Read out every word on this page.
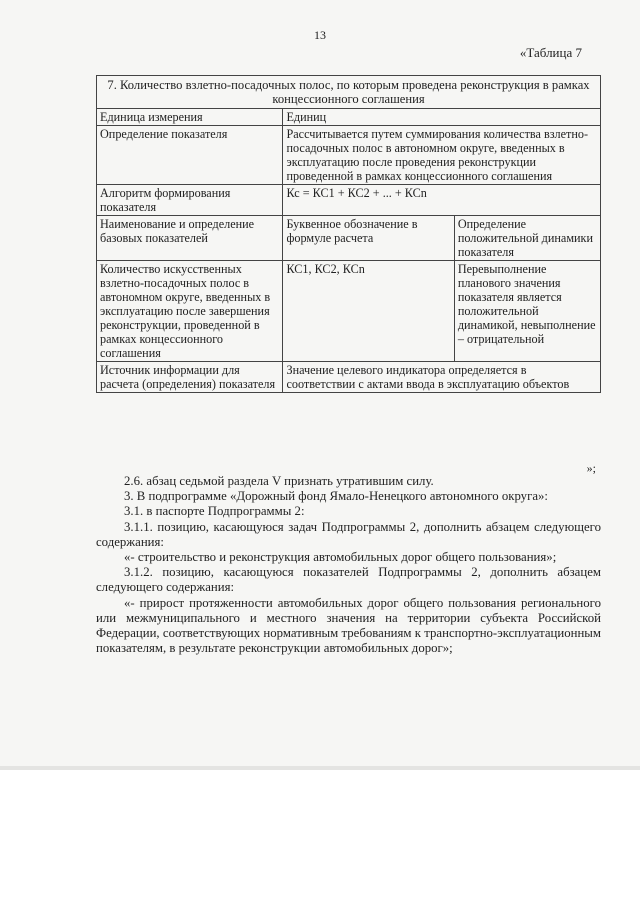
13
«Таблица 7
7. Количество взлетно-посадочных полос, по которым проведена реконструкция в рамках концессионного соглашения		
Единица измерения	Единиц	
Определение показателя	Рассчитывается путем суммирования количества взлетно-посадочных полос в автономном округе, введенных в эксплуатацию после проведения реконструкции проведенной в рамках концессионного соглашения	
Алгоритм формирования показателя	Кс = КС1 + КС2 + ... + КСn	
Наименование и определение базовых показателей	Буквенное обозначение в формуле расчета	Определение положительной динамики показателя
Количество искусственных взлетно-посадочных полос в автономном округе, введенных в эксплуатацию после завершения реконструкции, проведенной в рамках концессионного соглашения	КС1, КС2, КСn	Перевыполнение планового значения показателя является положительной динамикой, невыполнение – отрицательной
Источник информации для расчета (определения) показателя	Значение целевого индикатора определяется в соответствии с актами ввода в эксплуатацию объектов	
»;

2.6. абзац седьмой раздела V признать утратившим силу.

3. В подпрограмме «Дорожный фонд Ямало-Ненецкого автономного округа»:

3.1. в паспорте Подпрограммы 2:

3.1.1. позицию, касающуюся задач Подпрограммы 2, дополнить абзацем следующего содержания:

«- строительство и реконструкция автомобильных дорог общего пользования»;

3.1.2. позицию, касающуюся показателей Подпрограммы 2, дополнить абзацем следующего содержания:

«- прирост протяженности автомобильных дорог общего пользования регионального или межмуниципального и местного значения на территории субъекта Российской Федерации, соответствующих нормативным требованиям к транспортно-эксплуатационным показателям, в результате реконструкции автомобильных дорог»;
